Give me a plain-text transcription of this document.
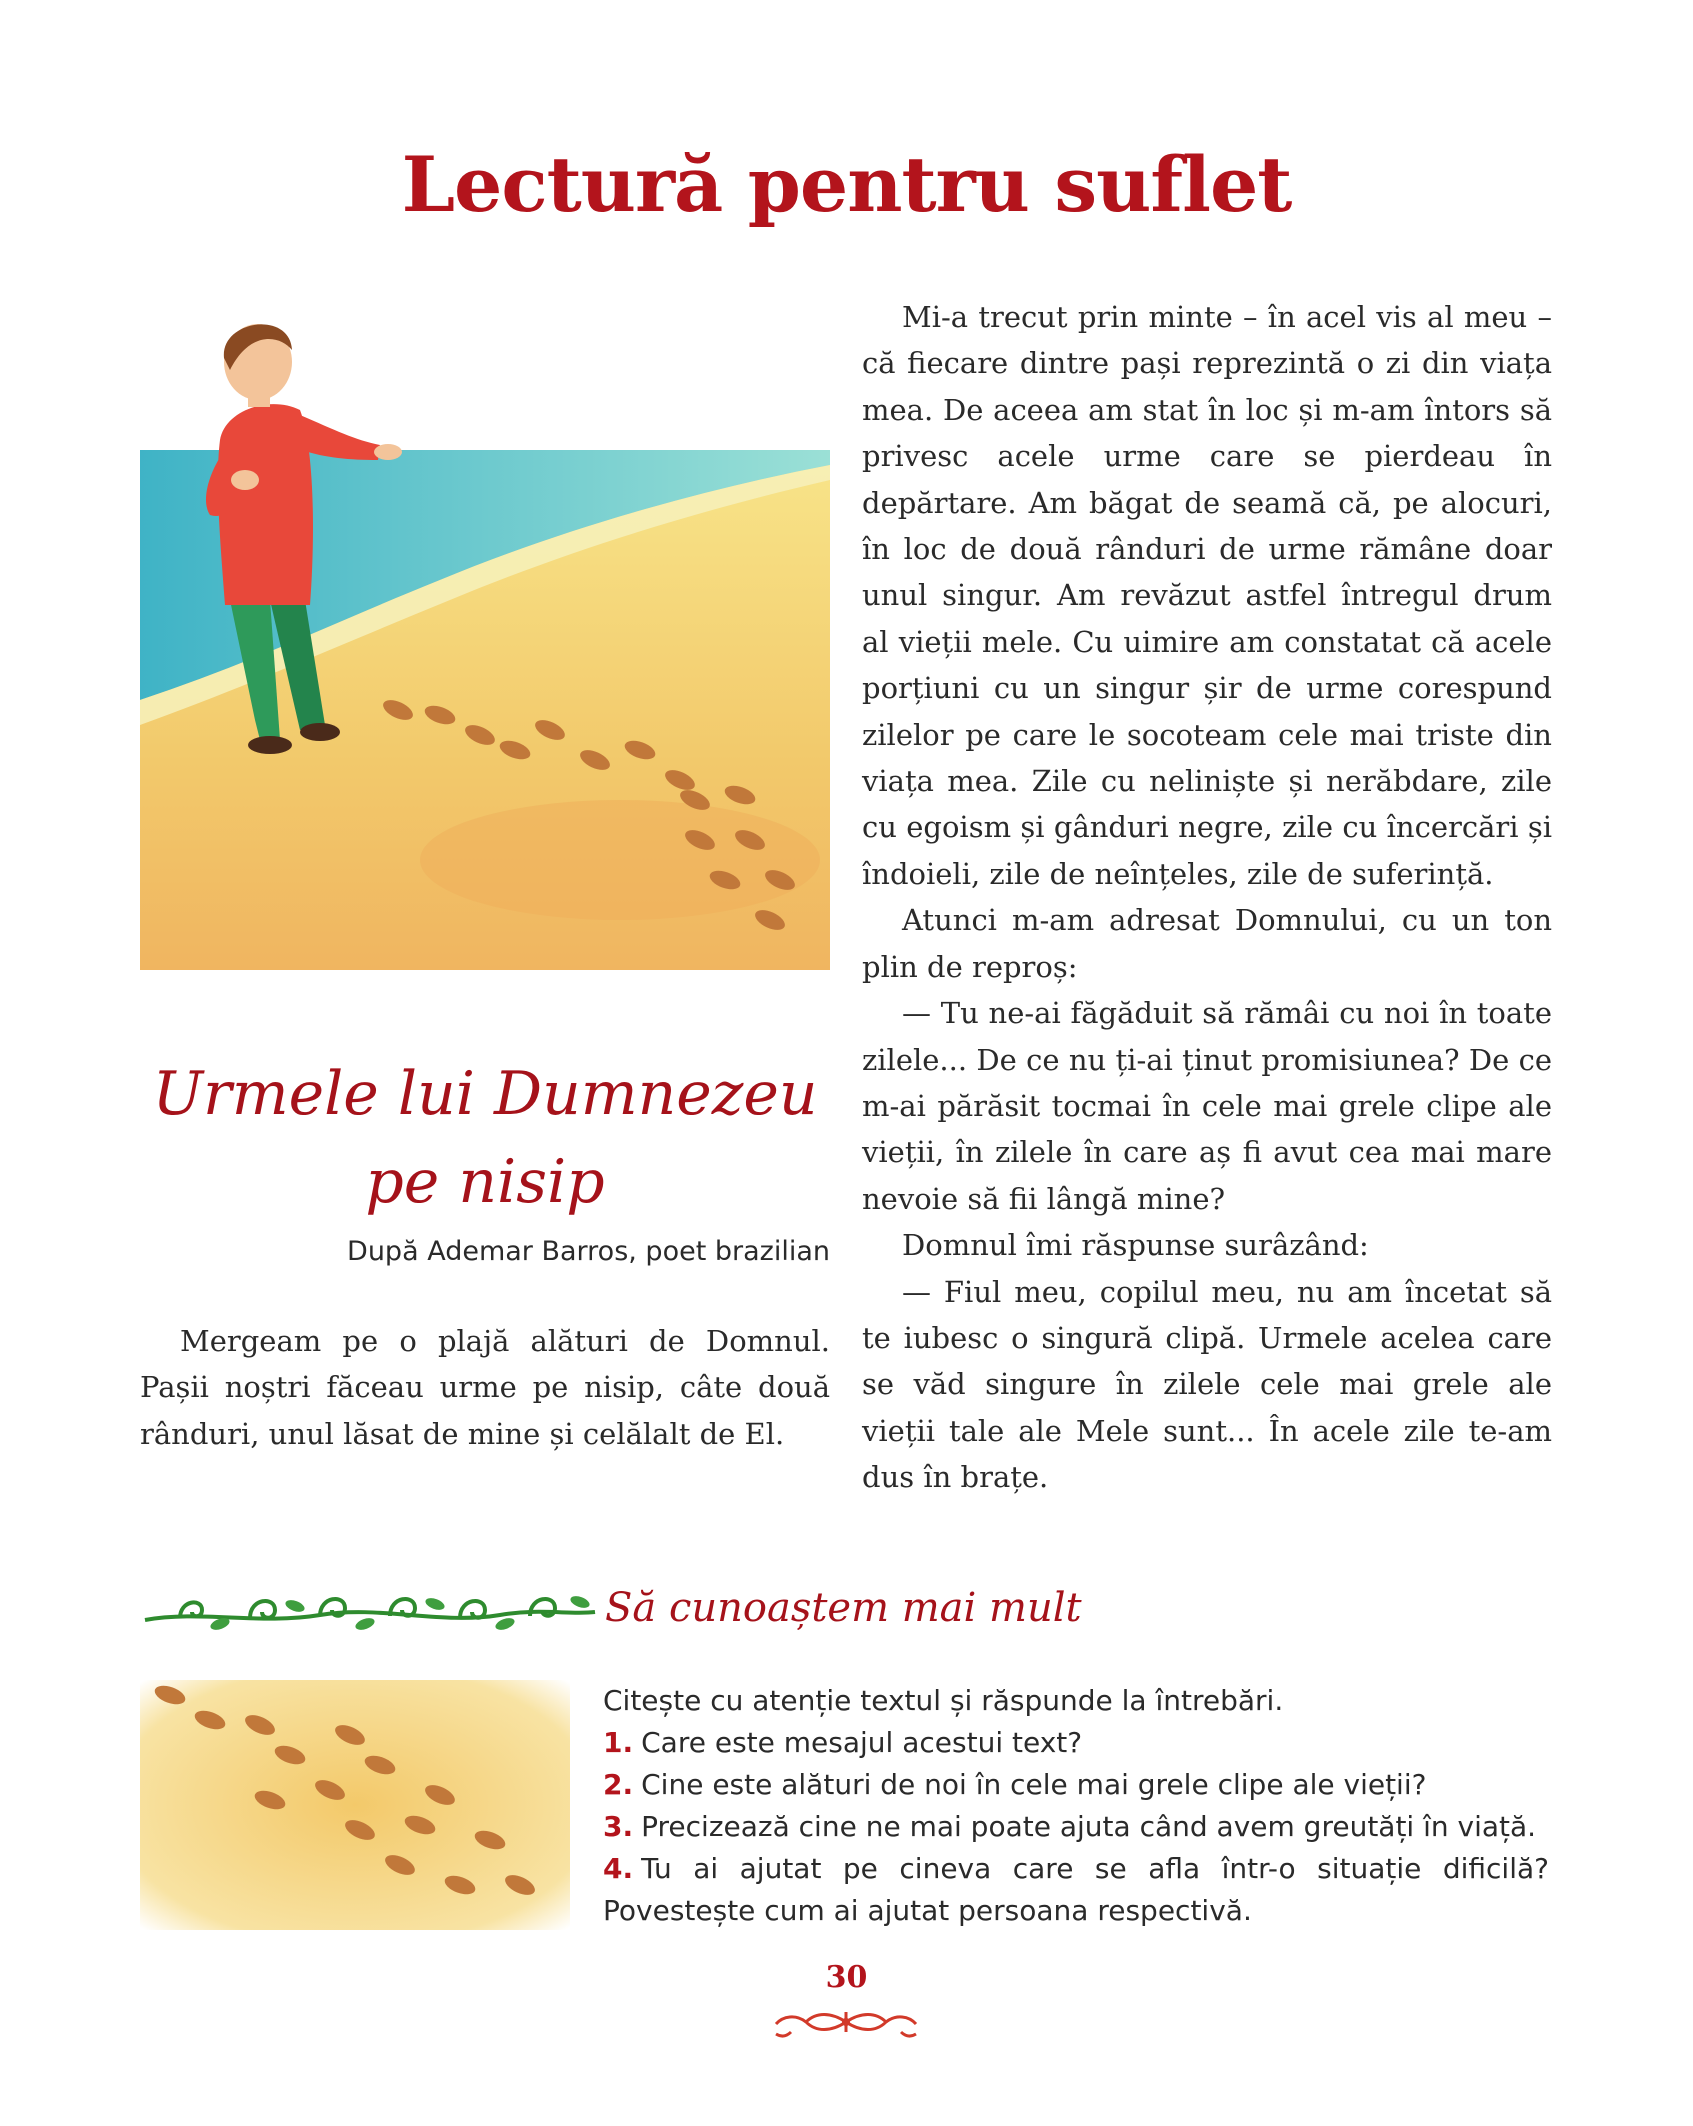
Lectură pentru suflet
Urmele lui Dumnezeu
pe nisip
După Ademar Barros, poet brazilian

Mergeam pe o plajă alături de Domnul. Pașii noștri făceau urme pe nisip, câte două rânduri, unul lăsat de mine și celălalt de El.

Mi-a trecut prin minte – în acel vis al meu – că fiecare dintre pași reprezintă o zi din viața mea. De aceea am stat în loc și m-am întors să privesc acele urme care se pierdeau în depărtare. Am băgat de seamă că, pe alocuri, în loc de două rânduri de urme rămâne doar unul singur. Am revăzut astfel întregul drum al vieții mele. Cu uimire am constatat că acele porțiuni cu un singur șir de urme corespund zilelor pe care le socoteam cele mai triste din viața mea. Zile cu neliniște și nerăbdare, zile cu egoism și gânduri negre, zile cu încercări și îndoieli, zile de neînțeles, zile de suferință.

Atunci m-am adresat Domnului, cu un ton plin de reproș:

— Tu ne-ai făgăduit să rămâi cu noi în toate zilele... De ce nu ți-ai ținut promisiunea? De ce m-ai părăsit tocmai în cele mai grele clipe ale vieții, în zilele în care aș fi avut cea mai mare nevoie să fii lângă mine?

Domnul îmi răspunse surâzând:

— Fiul meu, copilul meu, nu am încetat să te iubesc o singură clipă. Urmele acelea care se văd singure în zilele cele mai grele ale vieții tale ale Mele sunt... În acele zile te-am dus în brațe.

Să cunoaștem mai mult

Citește cu atenție textul și răspunde la întrebări.

1. Care este mesajul acestui text?
2. Cine este alături de noi în cele mai grele clipe ale vieții?
3. Precizează cine ne mai poate ajuta când avem greutăți în viață.
4. Tu ai ajutat pe cineva care se afla într-o situație dificilă? Povestește cum ai ajutat persoana respectivă.
30
